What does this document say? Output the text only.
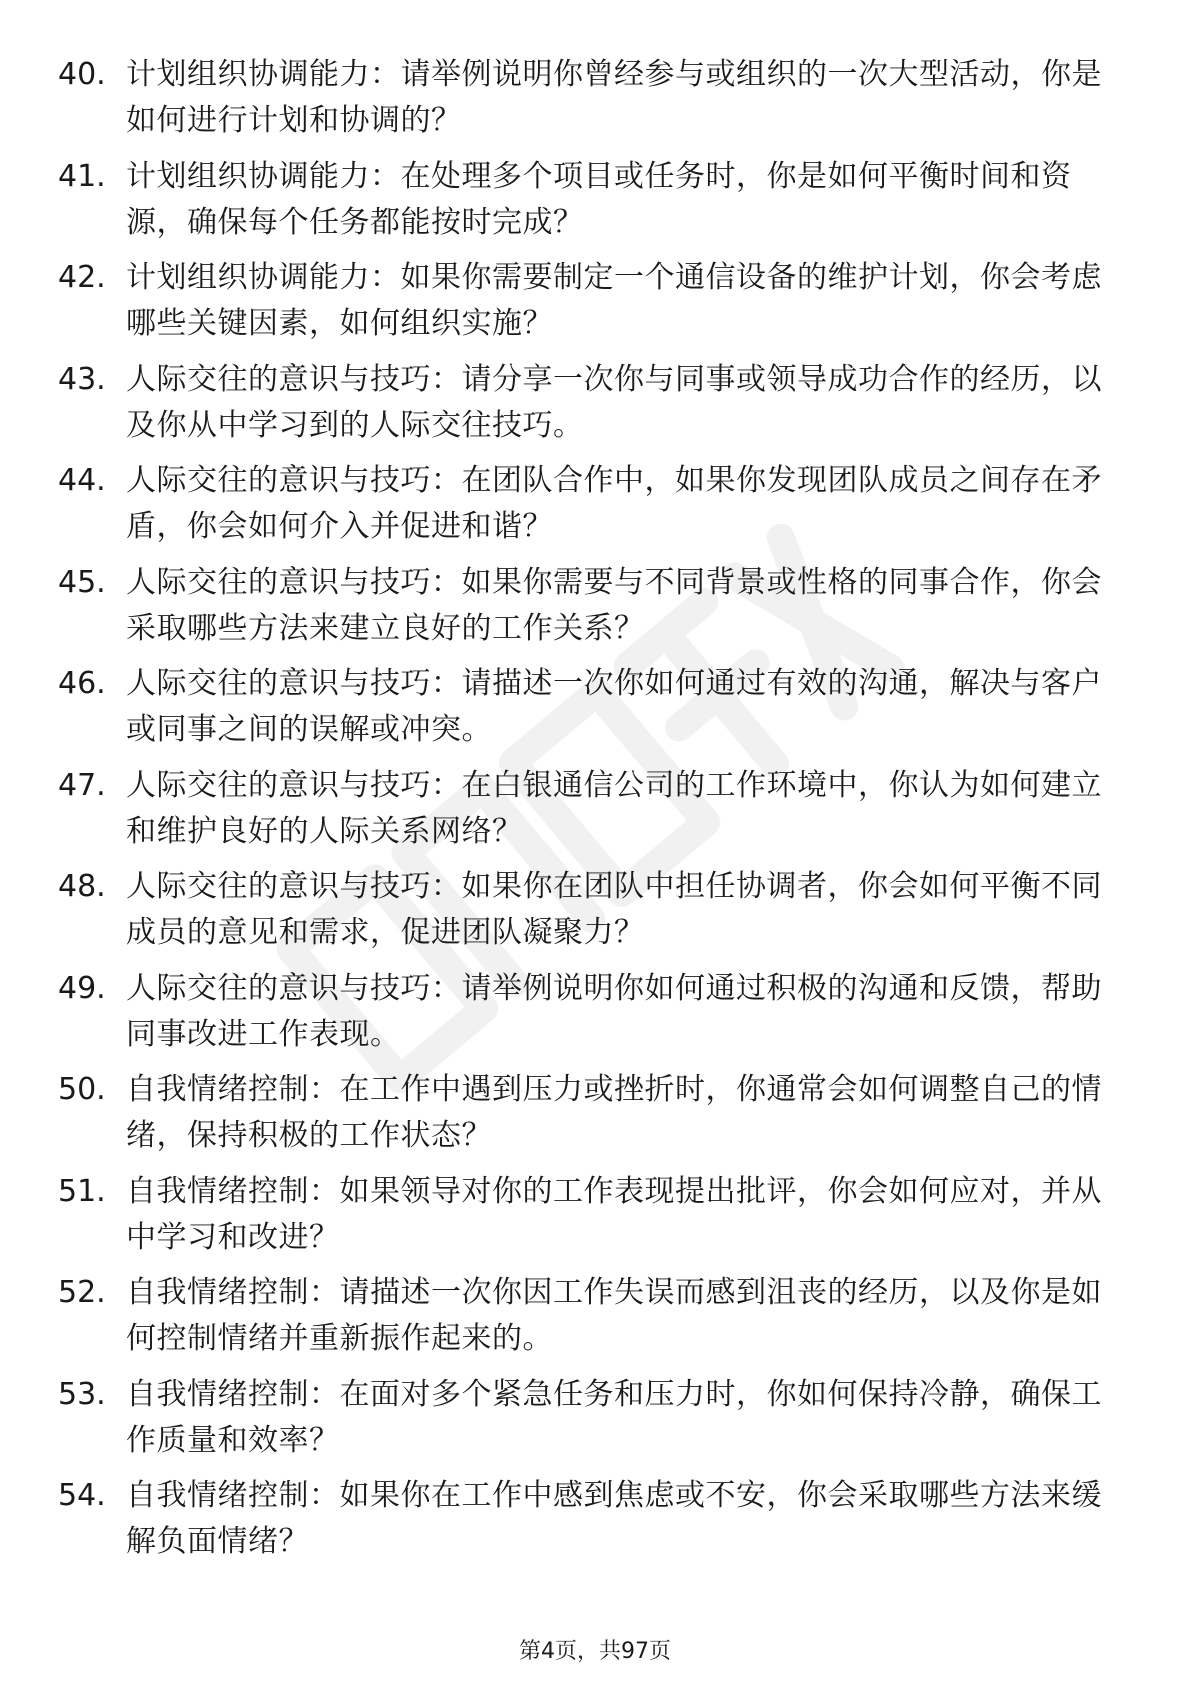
40. 计划组织协调能力：请举例说明你曾经参与或组织的一次大型活动，你是如何进行计划和协调的？
41. 计划组织协调能力：在处理多个项目或任务时，你是如何平衡时间和资源，确保每个任务都能按时完成？
42. 计划组织协调能力：如果你需要制定一个通信设备的维护计划，你会考虑哪些关键因素，如何组织实施？
43. 人际交往的意识与技巧：请分享一次你与同事或领导成功合作的经历，以及你从中学习到的人际交往技巧。
44. 人际交往的意识与技巧：在团队合作中，如果你发现团队成员之间存在矛盾，你会如何介入并促进和谐？
45. 人际交往的意识与技巧：如果你需要与不同背景或性格的同事合作，你会采取哪些方法来建立良好的工作关系？
46. 人际交往的意识与技巧：请描述一次你如何通过有效的沟通，解决与客户或同事之间的误解或冲突。
47. 人际交往的意识与技巧：在白银通信公司的工作环境中，你认为如何建立和维护良好的人际关系网络？
48. 人际交往的意识与技巧：如果你在团队中担任协调者，你会如何平衡不同成员的意见和需求，促进团队凝聚力？
49. 人际交往的意识与技巧：请举例说明你如何通过积极的沟通和反馈，帮助同事改进工作表现。
50. 自我情绪控制：在工作中遇到压力或挫折时，你通常会如何调整自己的情绪，保持积极的工作状态？
51. 自我情绪控制：如果领导对你的工作表现提出批评，你会如何应对，并从中学习和改进？
52. 自我情绪控制：请描述一次你因工作失误而感到沮丧的经历，以及你是如何控制情绪并重新振作起来的。
53. 自我情绪控制：在面对多个紧急任务和压力时，你如何保持冷静，确保工作质量和效率？
54. 自我情绪控制：如果你在工作中感到焦虑或不安，你会采取哪些方法来缓解负面情绪？
第4页，共97页
